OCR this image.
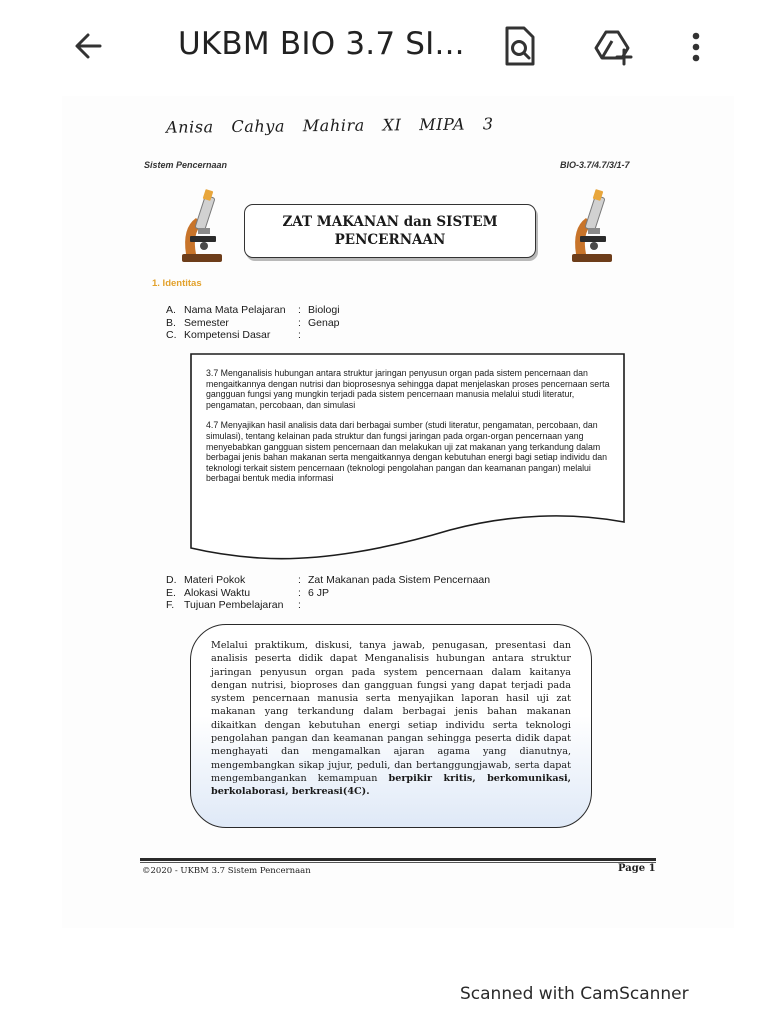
UKBM BIO 3.7 SI...
Anisa Cahya Mahira XI MIPA 3
Sistem Pencernaan	BIO-3.7/4.7/3/1-7
ZAT MAKANAN dan SISTEM PENCERNAAN
1. Identitas
A. Nama Mata Pelajaran : Biologi
B. Semester	: Genap
C. Kompetensi Dasar	:

3.7 Menganalisis hubungan antara struktur jaringan penyusun organ pada sistem pencernaan dan mengaitkannya dengan nutrisi dan bioprosesnya sehingga dapat menjelaskan proses pencernaan serta gangguan fungsi yang mungkin terjadi pada sistem pencernaan manusia melalui studi literatur, pengamatan, percobaan, dan simulasi

4.7 Menyajikan hasil analisis data dari berbagai sumber (studi literatur, pengamatan, percobaan, dan simulasi), tentang kelainan pada struktur dan fungsi jaringan pada organ-organ pencernaan yang menyebabkan gangguan sistem pencernaan dan melakukan uji zat makanan yang terkandung dalam berbagai jenis bahan makanan serta mengaitkannya dengan kebutuhan energi bagi setiap individu dan teknologi terkait sistem pencernaan (teknologi pengolahan pangan dan keamanan pangan) melalui berbagai bentuk media informasi

D. Materi Pokok	: Zat Makanan pada Sistem Pencernaan
E. Alokasi Waktu	: 6 JP
F. Tujuan Pembelajaran :

Melalui praktikum, diskusi, tanya jawab, penugasan, presentasi dan analisis peserta didik dapat Menganalisis hubungan antara struktur jaringan penyusun organ pada system pencernaan dalam kaitanya dengan nutrisi, bioproses dan gangguan fungsi yang dapat terjadi pada system pencernaan manusia serta menyajikan laporan hasil uji zat makanan yang terkandung dalam berbagai jenis bahan makanan dikaitkan dengan kebutuhan energi setiap individu serta teknologi pengolahan pangan dan keamanan pangan sehingga peserta didik dapat menghayati dan mengamalkan ajaran agama yang dianutnya, mengembangkan sikap jujur, peduli, dan bertanggungjawab, serta dapat mengembangankan kemampuan berpikir kritis, berkomunikasi, berkolaborasi, berkreasi(4C).

©2020 - UKBM 3.7 Sistem Pencernaan	Page 1
Scanned with CamScanner
